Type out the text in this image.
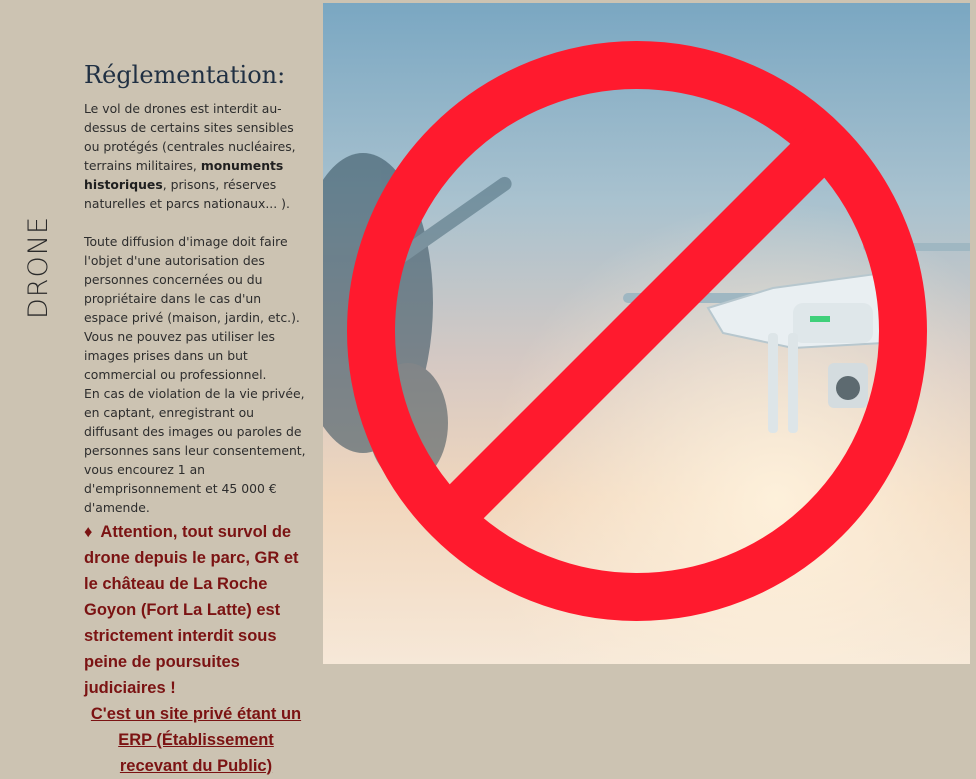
DRONE
Réglementation:

Le vol de drones est interdit au-dessus de certains sites sensibles ou protégés (centrales nucléaires, terrains militaires, monuments historiques, prisons, réserves naturelles et parcs nationaux... ).

Toute diffusion d'image doit faire l'objet d'une autorisation des personnes concernées ou du propriétaire dans le cas d'un espace privé (maison, jardin, etc.). Vous ne pouvez pas utiliser les images prises dans un but commercial ou professionnel.

En cas de violation de la vie privée, en captant, enregistrant ou diffusant des images ou paroles de personnes sans leur consentement, vous encourez 1 an d'emprisonnement et 45 000 € d'amende.

♦ Attention, tout survol de drone depuis le parc, GR et le château de La Roche Goyon (Fort La Latte) est strictement interdit sous peine de poursuites judiciaires !
C'est un site privé étant un ERP (Établissement recevant du Public)
